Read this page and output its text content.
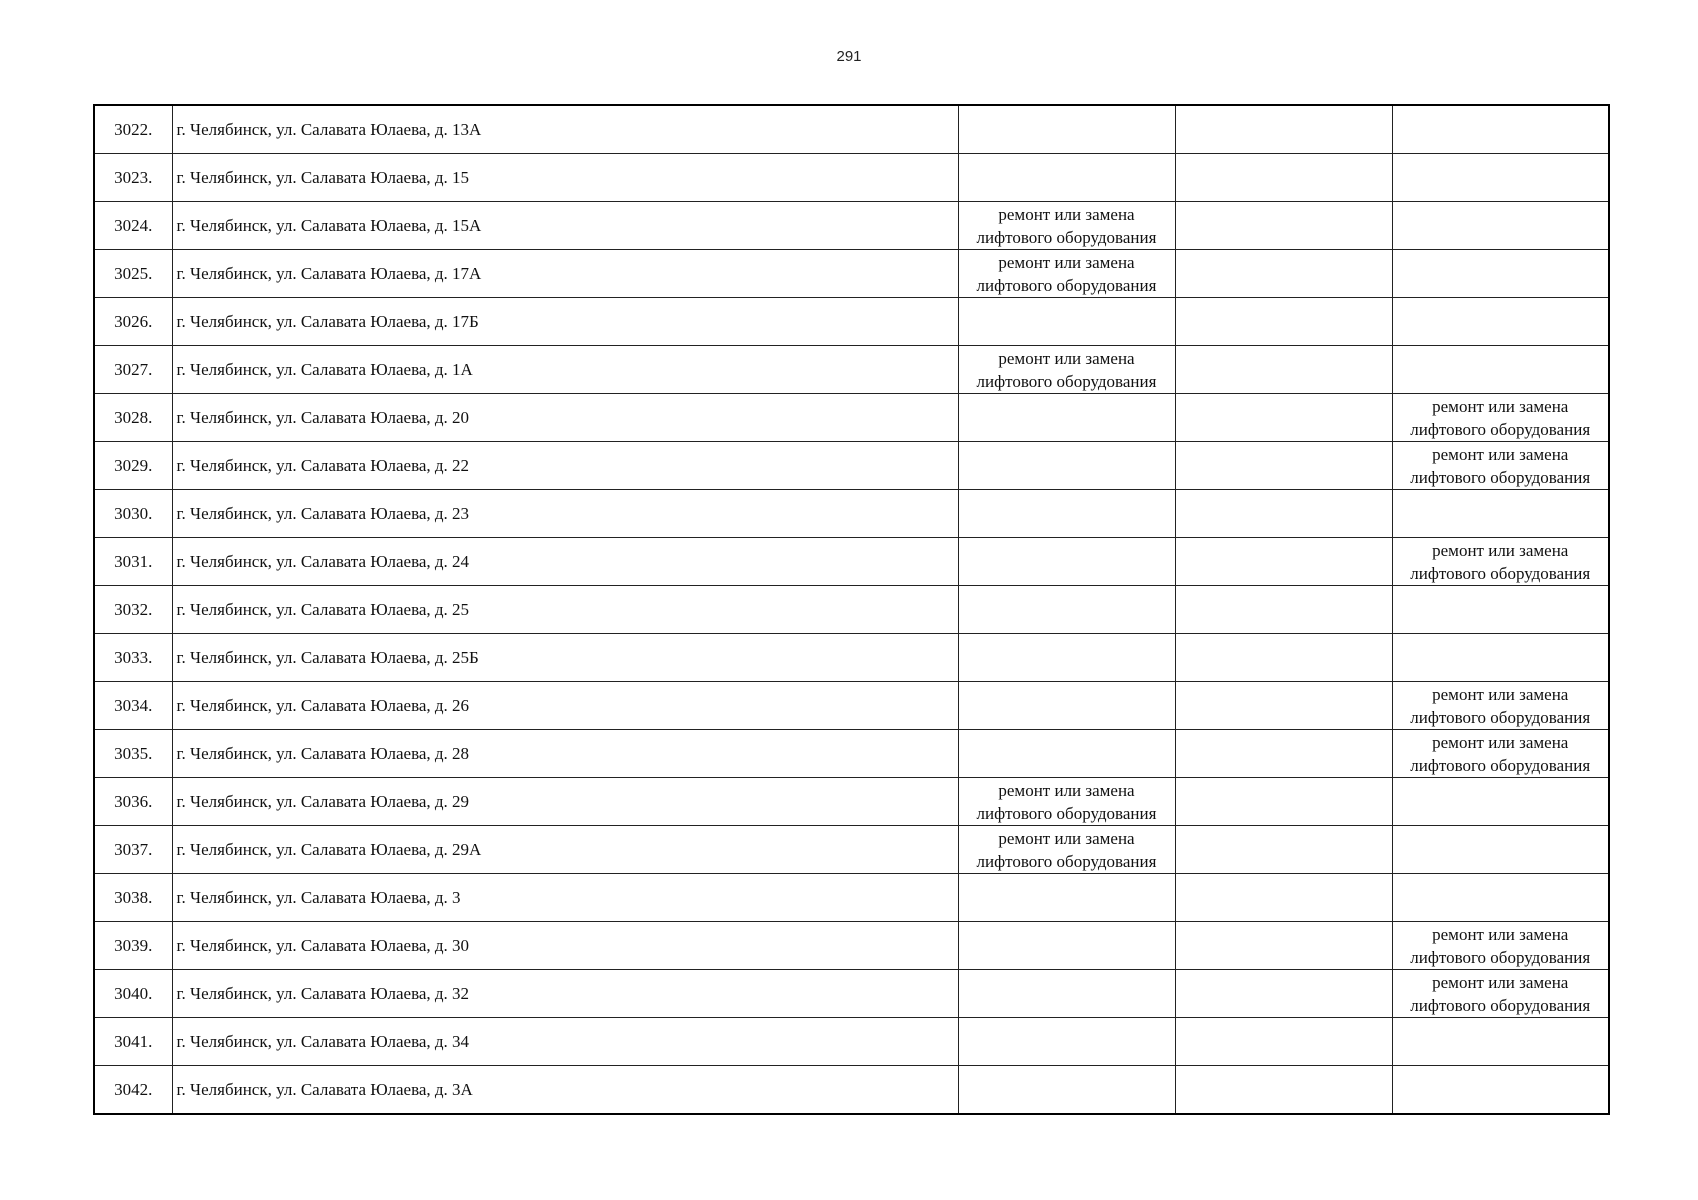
291
3022.	г. Челябинск, ул. Салавата Юлаева, д. 13А			
3023.	г. Челябинск, ул. Салавата Юлаева, д. 15			
3024.	г. Челябинск, ул. Салавата Юлаева, д. 15А	ремонт или замена лифтового оборудования		
3025.	г. Челябинск, ул. Салавата Юлаева, д. 17А	ремонт или замена лифтового оборудования		
3026.	г. Челябинск, ул. Салавата Юлаева, д. 17Б			
3027.	г. Челябинск, ул. Салавата Юлаева, д. 1А	ремонт или замена лифтового оборудования		
3028.	г. Челябинск, ул. Салавата Юлаева, д. 20			ремонт или замена лифтового оборудования
3029.	г. Челябинск, ул. Салавата Юлаева, д. 22			ремонт или замена лифтового оборудования
3030.	г. Челябинск, ул. Салавата Юлаева, д. 23			
3031.	г. Челябинск, ул. Салавата Юлаева, д. 24			ремонт или замена лифтового оборудования
3032.	г. Челябинск, ул. Салавата Юлаева, д. 25			
3033.	г. Челябинск, ул. Салавата Юлаева, д. 25Б			
3034.	г. Челябинск, ул. Салавата Юлаева, д. 26			ремонт или замена лифтового оборудования
3035.	г. Челябинск, ул. Салавата Юлаева, д. 28			ремонт или замена лифтового оборудования
3036.	г. Челябинск, ул. Салавата Юлаева, д. 29	ремонт или замена лифтового оборудования		
3037.	г. Челябинск, ул. Салавата Юлаева, д. 29А	ремонт или замена лифтового оборудования		
3038.	г. Челябинск, ул. Салавата Юлаева, д. 3			
3039.	г. Челябинск, ул. Салавата Юлаева, д. 30			ремонт или замена лифтового оборудования
3040.	г. Челябинск, ул. Салавата Юлаева, д. 32			ремонт или замена лифтового оборудования
3041.	г. Челябинск, ул. Салавата Юлаева, д. 34			
3042.	г. Челябинск, ул. Салавата Юлаева, д. 3А			
